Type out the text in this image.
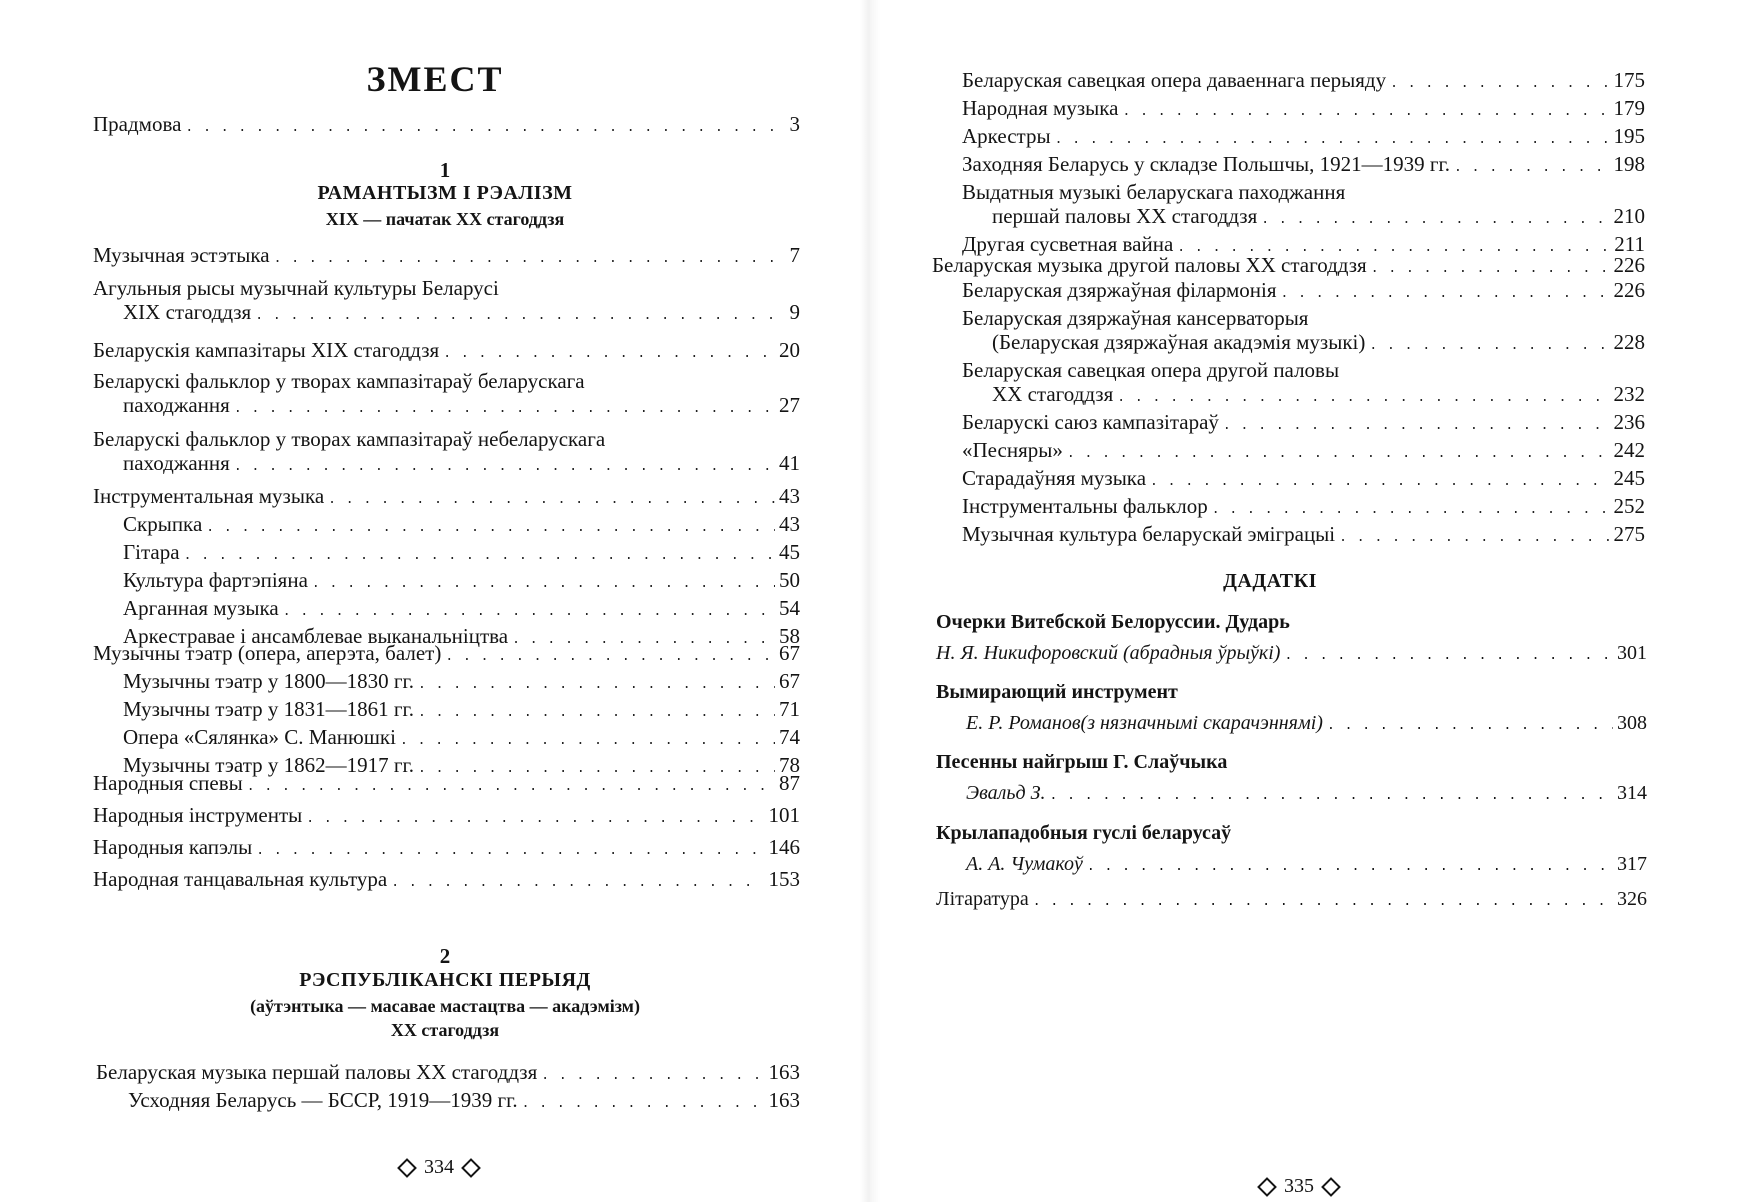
ЗМЕСТ
Прадмова . . .	3
1
РАМАНТЫЗМ І РЭАЛІЗМ
XIX — пачатак XX стагоддзя
Музычная эстэтыка . . .	7
Агульныя рысы музычнай культуры Беларусі
XIX стагоддзя . . .	9
Беларускія кампазітары XIX стагоддзя . . .	20
Беларускі фальклор у творах кампазітараў беларускага
паходжання . . .	27
Беларускі фальклор у творах кампазітараў небеларускага
паходжання . . .	41
Інструментальная музыка . . .	43
Скрыпка . . .	43
Гітара . . .	45
Культура фартэпіяна . . .	50
Арганная музыка . . .	54
Аркестравае і ансамблевае выканальніцтва . . .	58
Музычны тэатр (опера, аперэта, балет) . . .	67
Музычны тэатр у 1800—1830 гг. . . .	67
Музычны тэатр у 1831—1861 гг. . . .	71
Опера «Сялянка» С. Манюшкі . . .	74
Музычны тэатр у 1862—1917 гг. . . .	78
Народныя спевы . . .	87
Народныя інструменты . . .	101
Народныя капэлы . . .	146
Народная танцавальная культура . . .	153
2
РЭСПУБЛІКАНСКІ ПЕРЫЯД
(аўтэнтыка — масавае мастацтва — акадэмізм)
XX стагоддзя
Беларуская музыка першай паловы XX стагоддзя . . .	163
Усходняя Беларусь — БССР, 1919—1939 гг. . . .	163
334
Беларуская савецкая опера даваеннага перыяду . . .	175
Народная музыка . . .	179
Аркестры . . .	195
Заходняя Беларусь у складзе Польшчы, 1921—1939 гг. . . .	198
Выдатныя музыкі беларускага паходжання
першай паловы XX стагоддзя . . .	210
Другая сусветная вайна . . .	211
Беларуская музыка другой паловы XX стагоддзя . . .	226
Беларуская дзяржаўная філармонія . . .	226
Беларуская дзяржаўная кансерваторыя
(Беларуская дзяржаўная акадэмія музыкі) . . .	228
Беларуская савецкая опера другой паловы
XX стагоддзя . . .	232
Беларускі саюз кампазітараў . . .	236
«Песняры» . . .	242
Старадаўняя музыка . . .	245
Інструментальны фальклор . . .	252
Музычная культура беларускай эміграцыі . . .	275
ДАДАТКІ
Очерки Витебской Белоруссии. Дударь
Н. Я. Никифоровский (абрадныя ўрыўкі) . . .	301
Вымирающий инструмент
Е. Р. Романов(з нязначнымі скарачэннямі) . . .	308
Песенны найгрыш Г. Слаўчыка
Эвальд З. . . .	314
Крылападобныя гуслі беларусаў
А. А. Чумакоў . . .	317
Літаратура . . .	326
335
